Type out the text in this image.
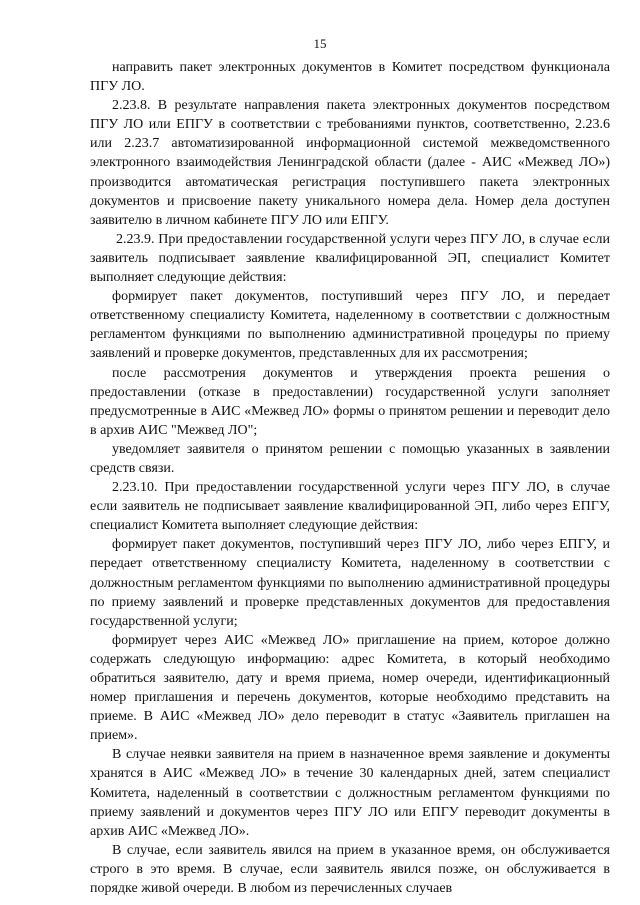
15

направить пакет электронных документов в Комитет посредством функционала ПГУ ЛО.

2.23.8. В результате направления пакета электронных документов посредством ПГУ ЛО или ЕПГУ в соответствии с требованиями пунктов, соответственно, 2.23.6 или 2.23.7 автоматизированной информационной системой межведомственного электронного взаимодействия Ленинградской области (далее - АИС «Межвед ЛО») производится автоматическая регистрация поступившего пакета электронных документов и присвоение пакету уникального номера дела. Номер дела доступен заявителю в личном кабинете ПГУ ЛО или ЕПГУ.

2.23.9. При предоставлении государственной услуги через ПГУ ЛО, в случае если заявитель подписывает заявление квалифицированной ЭП, специалист Комитет выполняет следующие действия:

формирует пакет документов, поступивший через ПГУ ЛО, и передает ответственному специалисту Комитета, наделенному в соответствии с должностным регламентом функциями по выполнению административной процедуры по приему заявлений и проверке документов, представленных для их рассмотрения;

после рассмотрения документов и утверждения проекта решения о предоставлении (отказе в предоставлении) государственной услуги заполняет предусмотренные в АИС «Межвед ЛО» формы о принятом решении и переводит дело в архив АИС "Межвед ЛО";

уведомляет заявителя о принятом решении с помощью указанных в заявлении средств связи.

2.23.10. При предоставлении государственной услуги через ПГУ ЛО, в случае если заявитель не подписывает заявление квалифицированной ЭП, либо через ЕПГУ, специалист Комитета выполняет следующие действия:

формирует пакет документов, поступивший через ПГУ ЛО, либо через ЕПГУ, и передает ответственному специалисту Комитета, наделенному в соответствии с должностным регламентом функциями по выполнению административной процедуры по приему заявлений и проверке представленных документов для предоставления государственной услуги;

формирует через АИС «Межвед ЛО» приглашение на прием, которое должно содержать следующую информацию: адрес Комитета, в который необходимо обратиться заявителю, дату и время приема, номер очереди, идентификационный номер приглашения и перечень документов, которые необходимо представить на приеме. В АИС «Межвед ЛО» дело переводит в статус «Заявитель приглашен на прием».

В случае неявки заявителя на прием в назначенное время заявление и документы хранятся в АИС «Межвед ЛО» в течение 30 календарных дней, затем специалист Комитета, наделенный в соответствии с должностным регламентом функциями по приему заявлений и документов через ПГУ ЛО или ЕПГУ переводит документы в архив АИС «Межвед ЛО».

В случае, если заявитель явился на прием в указанное время, он обслуживается строго в это время. В случае, если заявитель явился позже, он обслуживается в порядке живой очереди. В любом из перечисленных случаев
